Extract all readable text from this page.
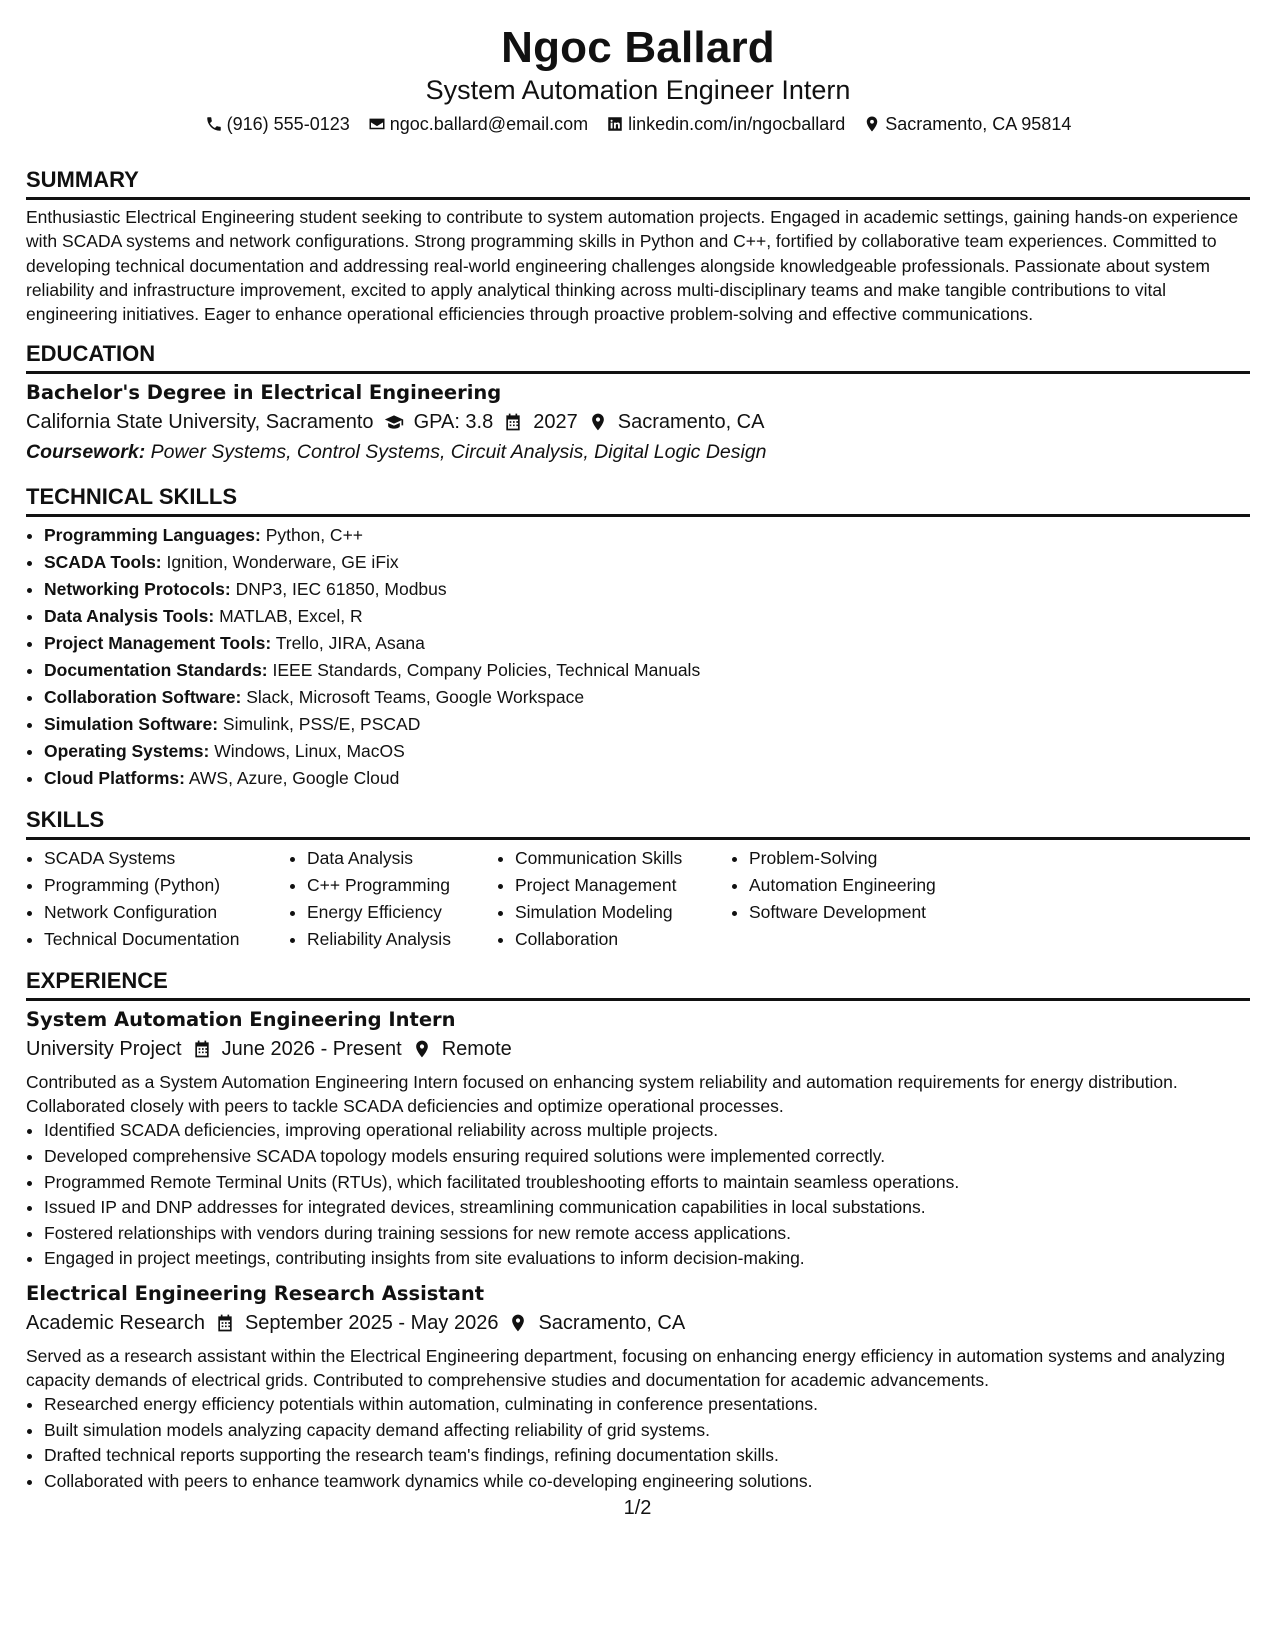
Ngoc Ballard
System Automation Engineer Intern
(916) 555-0123 ngoc.ballard@email.com linkedin.com/in/ngocballard Sacramento, CA 95814
SUMMARY
Enthusiastic Electrical Engineering student seeking to contribute to system automation projects. Engaged in academic settings, gaining hands-on experience with SCADA systems and network configurations. Strong programming skills in Python and C++, fortified by collaborative team experiences. Committed to developing technical documentation and addressing real-world engineering challenges alongside knowledgeable professionals. Passionate about system reliability and infrastructure improvement, excited to apply analytical thinking across multi-disciplinary teams and make tangible contributions to vital engineering initiatives. Eager to enhance operational efficiencies through proactive problem-solving and effective communications.
EDUCATION
Bachelor's Degree in Electrical Engineering
California State University, Sacramento GPA: 3.8 2027 Sacramento, CA
Coursework: Power Systems, Control Systems, Circuit Analysis, Digital Logic Design
TECHNICAL SKILLS
• Programming Languages: Python, C++
• SCADA Tools: Ignition, Wonderware, GE iFix
• Networking Protocols: DNP3, IEC 61850, Modbus
• Data Analysis Tools: MATLAB, Excel, R
• Project Management Tools: Trello, JIRA, Asana
• Documentation Standards: IEEE Standards, Company Policies, Technical Manuals
• Collaboration Software: Slack, Microsoft Teams, Google Workspace
• Simulation Software: Simulink, PSS/E, PSCAD
• Operating Systems: Windows, Linux, MacOS
• Cloud Platforms: AWS, Azure, Google Cloud
SKILLS
• SCADA Systems
• Programming (Python)
• Network Configuration
• Technical Documentation
• Data Analysis
• C++ Programming
• Energy Efficiency
• Reliability Analysis
• Communication Skills
• Project Management
• Simulation Modeling
• Collaboration
• Problem-Solving
• Automation Engineering
• Software Development
EXPERIENCE
System Automation Engineering Intern
University Project June 2026 - Present Remote
Contributed as a System Automation Engineering Intern focused on enhancing system reliability and automation requirements for energy distribution. Collaborated closely with peers to tackle SCADA deficiencies and optimize operational processes.
• Identified SCADA deficiencies, improving operational reliability across multiple projects.
• Developed comprehensive SCADA topology models ensuring required solutions were implemented correctly.
• Programmed Remote Terminal Units (RTUs), which facilitated troubleshooting efforts to maintain seamless operations.
• Issued IP and DNP addresses for integrated devices, streamlining communication capabilities in local substations.
• Fostered relationships with vendors during training sessions for new remote access applications.
• Engaged in project meetings, contributing insights from site evaluations to inform decision-making.
Electrical Engineering Research Assistant
Academic Research September 2025 - May 2026 Sacramento, CA
Served as a research assistant within the Electrical Engineering department, focusing on enhancing energy efficiency in automation systems and analyzing capacity demands of electrical grids. Contributed to comprehensive studies and documentation for academic advancements.
• Researched energy efficiency potentials within automation, culminating in conference presentations.
• Built simulation models analyzing capacity demand affecting reliability of grid systems.
• Drafted technical reports supporting the research team's findings, refining documentation skills.
• Collaborated with peers to enhance teamwork dynamics while co-developing engineering solutions.
1/2
